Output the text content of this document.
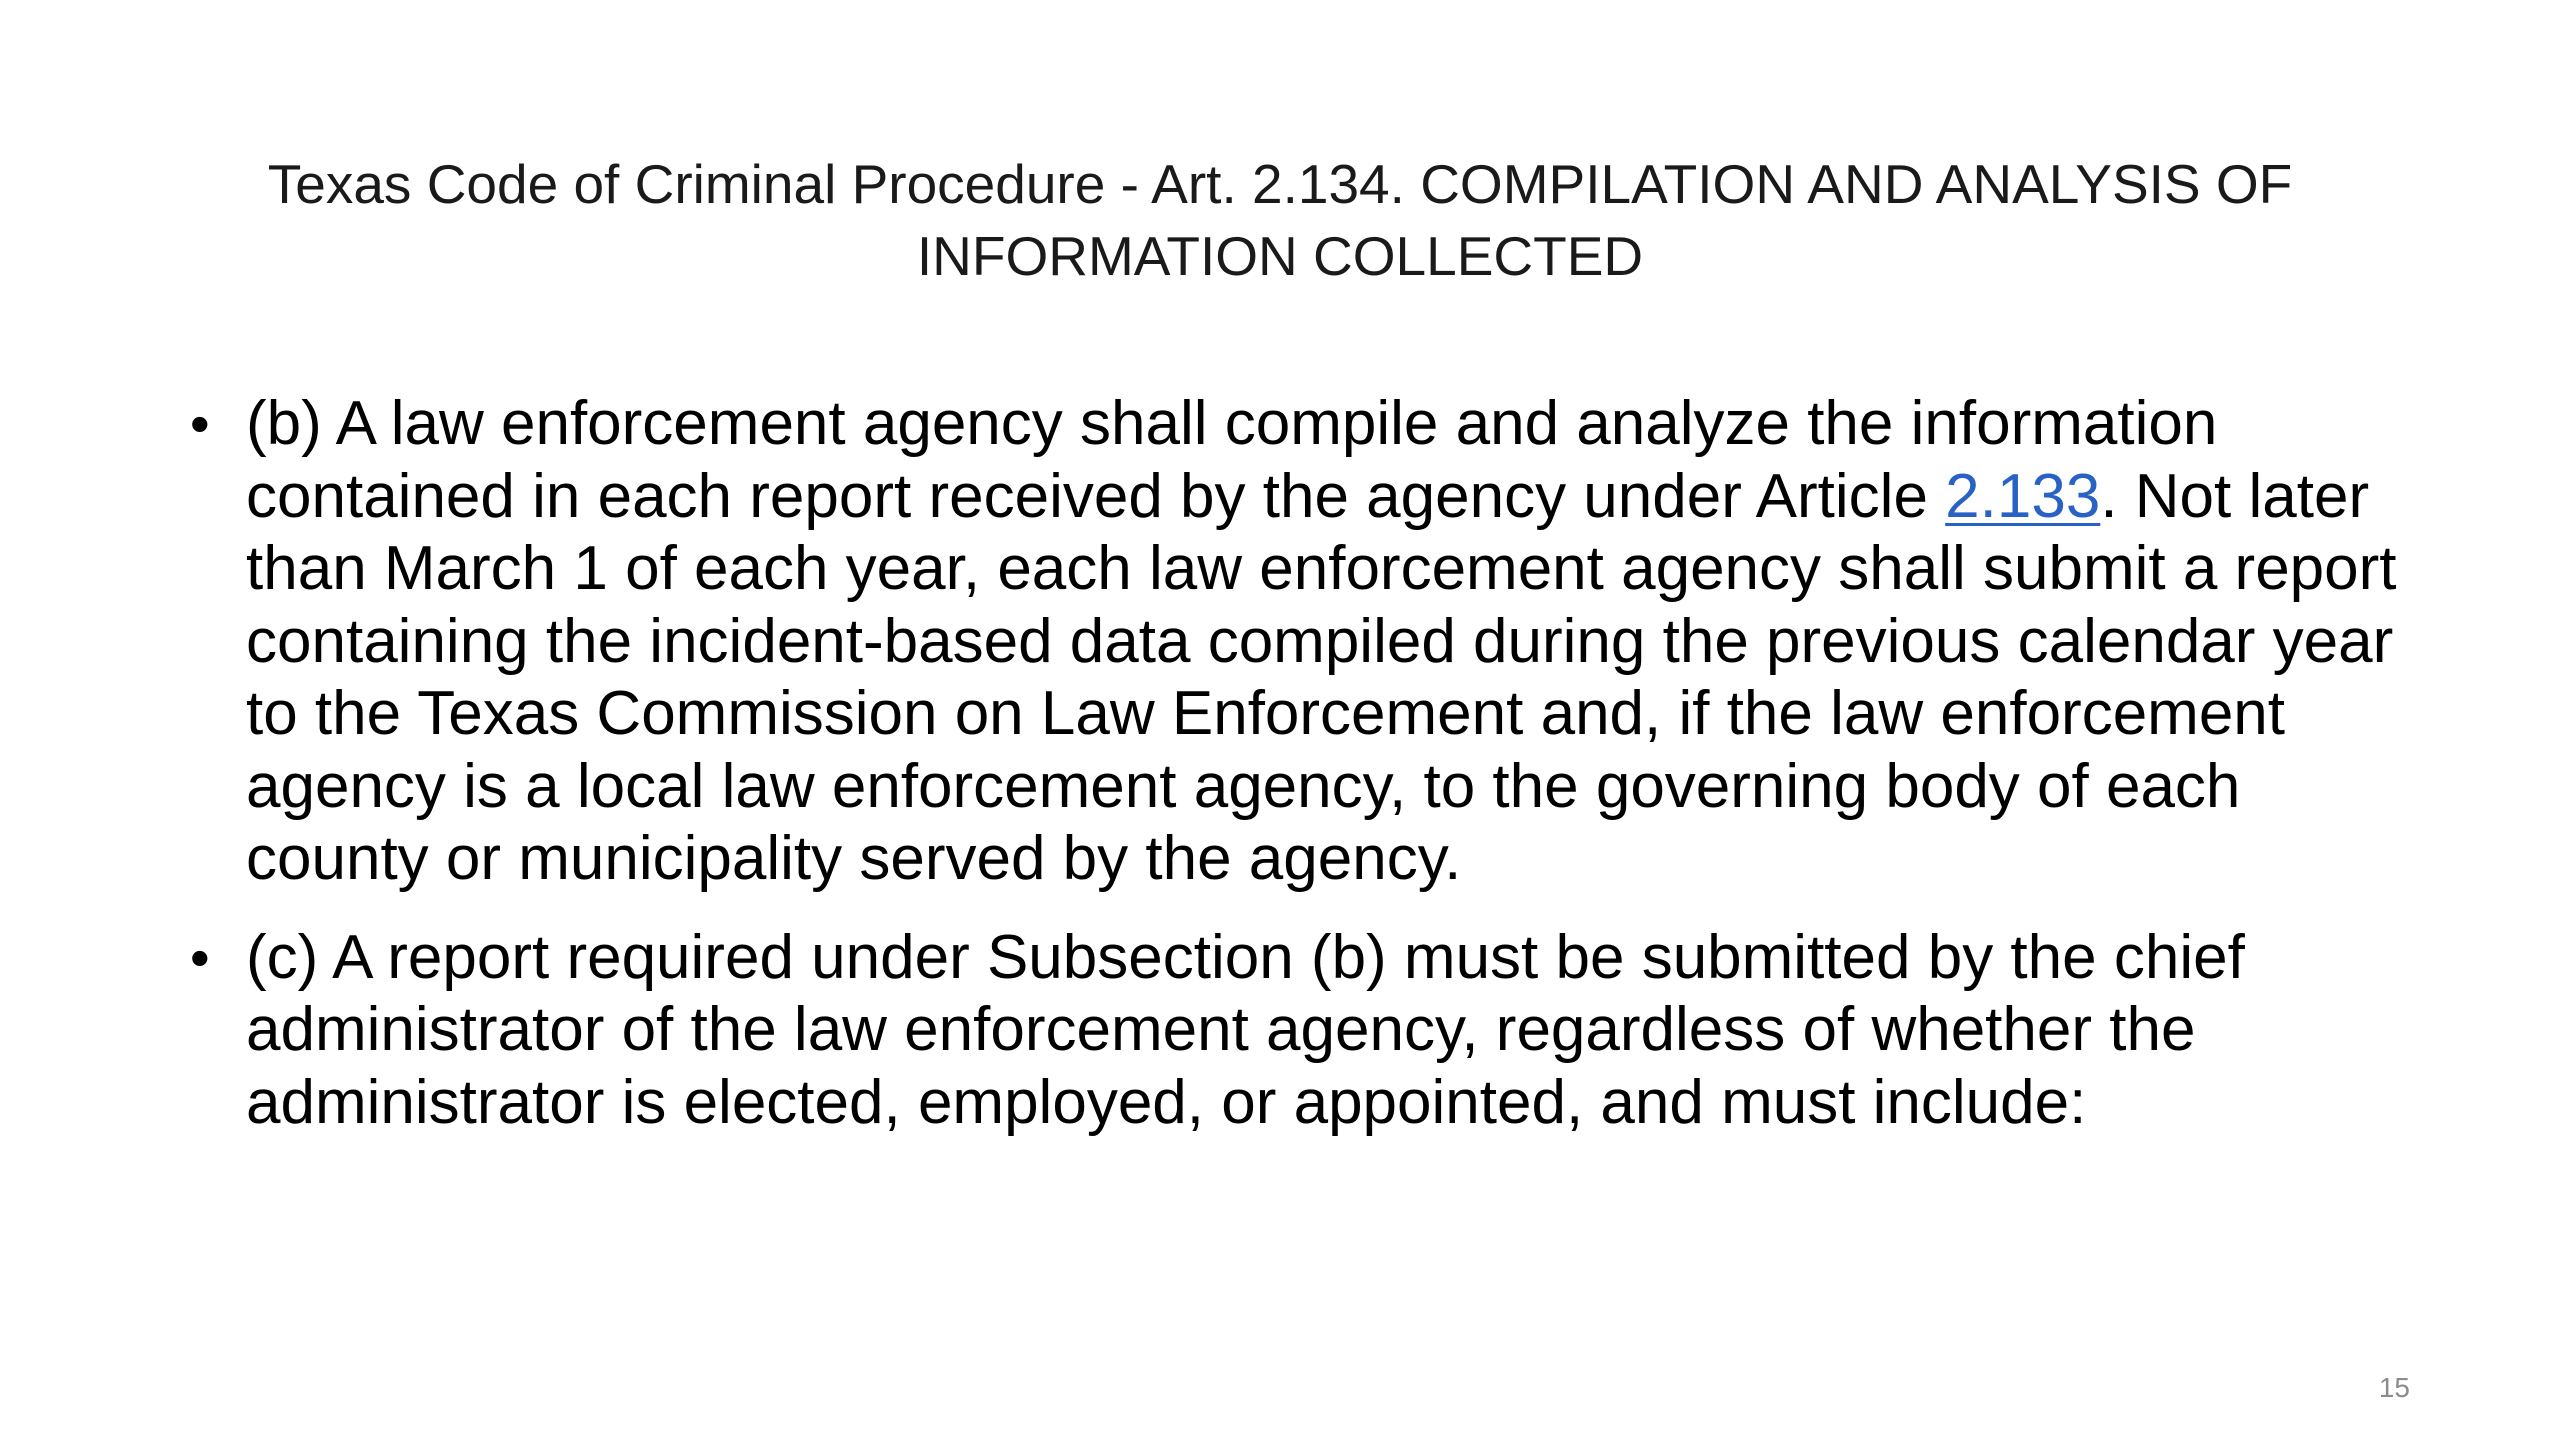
Texas Code of Criminal Procedure - Art. 2.134. COMPILATION AND ANALYSIS OF INFORMATION COLLECTED
• (b) A law enforcement agency shall compile and analyze the information contained in each report received by the agency under Article 2.133. Not later than March 1 of each year, each law enforcement agency shall submit a report containing the incident-based data compiled during the previous calendar year to the Texas Commission on Law Enforcement and, if the law enforcement agency is a local law enforcement agency, to the governing body of each county or municipality served by the agency.
• (c) A report required under Subsection (b) must be submitted by the chief administrator of the law enforcement agency, regardless of whether the administrator is elected, employed, or appointed, and must include:
15
